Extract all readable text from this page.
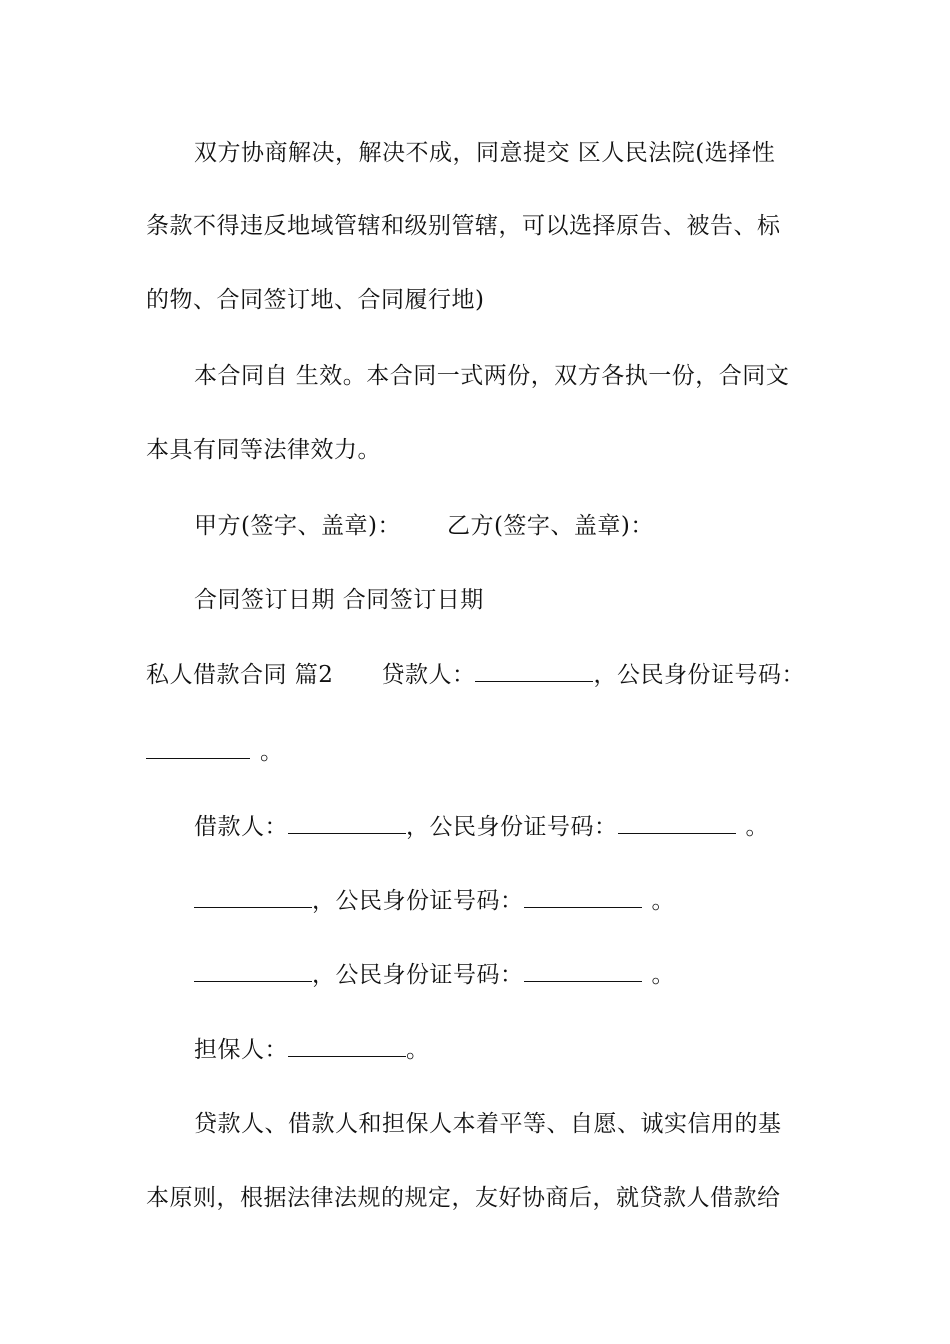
双方协商解决，解决不成，同意提交 区人民法院(选择性
条款不得违反地域管辖和级别管辖，可以选择原告、被告、标
的物、合同签订地、合同履行地)
本合同自 生效。本合同一式两份，双方各执一份，合同文
本具有同等法律效力。
甲方(签字、盖章)： 乙方(签字、盖章)：
合同签订日期 合同签订日期
私人借款合同 篇2 贷款人：	，公民身份证号码：
。
借款人：	，公民身份证号码：	。
，公民身份证号码：	。
，公民身份证号码：	。
担保人：	。
贷款人、借款人和担保人本着平等、自愿、诚实信用的基
本原则，根据法律法规的规定，友好协商后，就贷款人借款给
